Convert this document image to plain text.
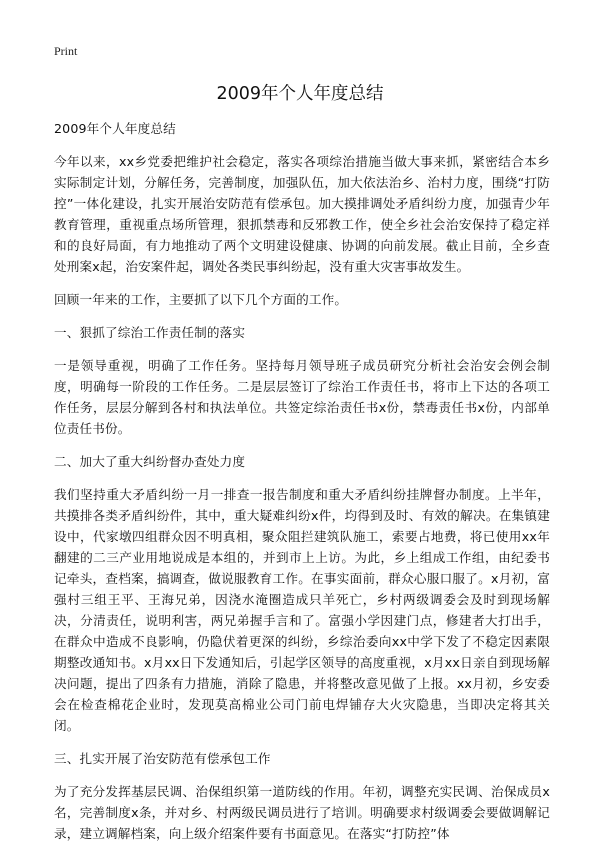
Print
2009年个人年度总结

2009年个人年度总结

今年以来，xx乡党委把维护社会稳定，落实各项综治措施当做大事来抓，紧密结合本乡实际制定计划，分解任务，完善制度，加强队伍，加大依法治乡、治村力度，围绕“打防控”一体化建设，扎实开展治安防范有偿承包。加大摸排调处矛盾纠纷力度，加强青少年教育管理，重视重点场所管理，狠抓禁毒和反邪教工作，使全乡社会治安保持了稳定祥和的良好局面，有力地推动了两个文明建设健康、协调的向前发展。截止目前，全乡查处刑案x起，治安案件起，调处各类民事纠纷起，没有重大灾害事故发生。

回顾一年来的工作，主要抓了以下几个方面的工作。

一、狠抓了综治工作责任制的落实

一是领导重视，明确了工作任务。坚持每月领导班子成员研究分析社会治安会例会制度，明确每一阶段的工作任务。二是层层签订了综治工作责任书，将市上下达的各项工作任务，层层分解到各村和执法单位。共签定综治责任书x份，禁毒责任书x份，内部单位责任书份。

二、加大了重大纠纷督办查处力度

我们坚持重大矛盾纠纷一月一排查一报告制度和重大矛盾纠纷挂牌督办制度。上半年，共摸排各类矛盾纠纷件，其中，重大疑难纠纷x件，均得到及时、有效的解决。在集镇建设中，代家墩四组群众因不明真相，聚众阻拦建筑队施工，索要占地费，将已使用xx年翻建的二三产业用地说成是本组的，并到市上上访。为此，乡上组成工作组，由纪委书记牵头，查档案，搞调查，做说服教育工作。在事实面前，群众心服口服了。x月初，富强村三组王平、王海兄弟，因浇水淹圈造成只羊死亡，乡村两级调委会及时到现场解决，分清责任，说明利害，两兄弟握手言和了。富强小学因建门点，修建者大打出手，在群众中造成不良影响，仍隐伏着更深的纠纷，乡综治委向xx中学下发了不稳定因素限期整改通知书。x月xx日下发通知后，引起学区领导的高度重视，x月xx日亲自到现场解决问题，提出了四条有力措施，消除了隐患，并将整改意见做了上报。xx月初，乡安委会在检查棉花企业时，发现莫高棉业公司门前电焊铺存大火灾隐患，当即决定将其关闭。

三、扎实开展了治安防范有偿承包工作

为了充分发挥基层民调、治保组织第一道防线的作用。年初，调整充实民调、治保成员x名，完善制度x条，并对乡、村两级民调员进行了培训。明确要求村级调委会要做调解记录，建立调解档案，向上级介绍案件要有书面意见。在落实“打防控”体
